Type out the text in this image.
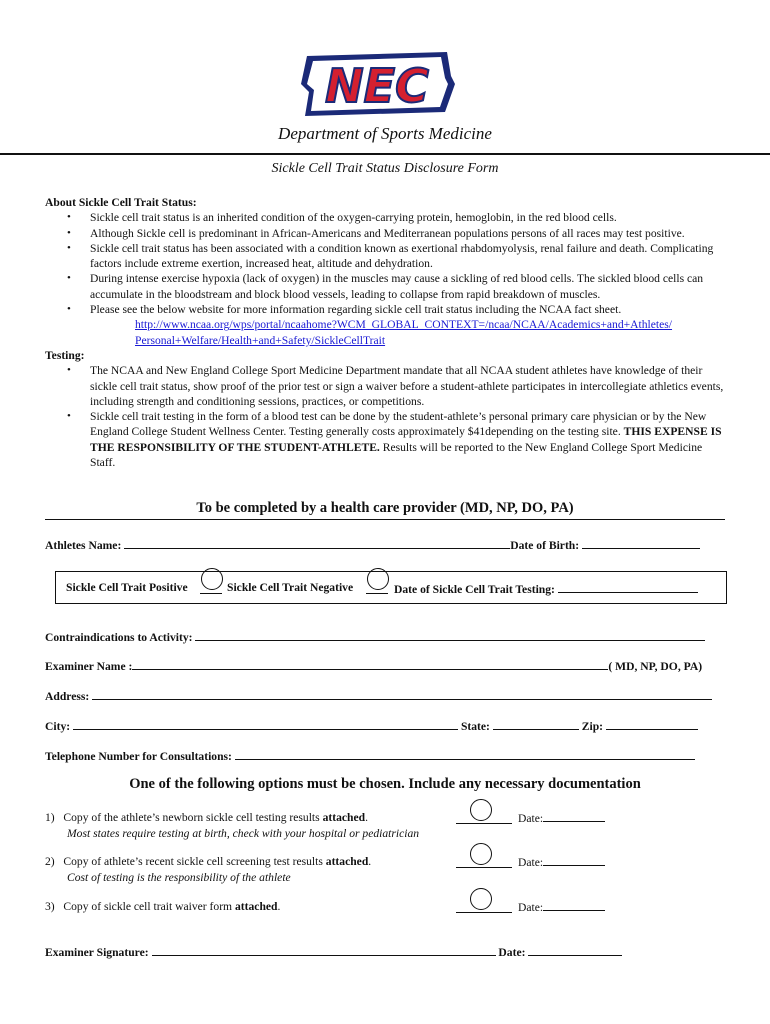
NEC
Department of Sports Medicine
Sickle Cell Trait Status Disclosure Form
About Sickle Cell Trait Status:
• Sickle cell trait status is an inherited condition of the oxygen-carrying protein, hemoglobin, in the red blood cells.
• Although Sickle cell is predominant in African-Americans and Mediterranean populations persons of all races may test positive.
• Sickle cell trait status has been associated with a condition known as exertional rhabdomyolysis, renal failure and death. Complicating factors include extreme exertion, increased heat, altitude and dehydration.
• During intense exercise hypoxia (lack of oxygen) in the muscles may cause a sickling of red blood cells. The sickled blood cells can accumulate in the bloodstream and block blood vessels, leading to collapse from rapid breakdown of muscles.
• Please see the below website for more information regarding sickle cell trait status including the NCAA fact sheet.
http://www.ncaa.org/wps/portal/ncaahome?WCM_GLOBAL_CONTEXT=/ncaa/NCAA/Academics+and+Athletes/
Personal+Welfare/Health+and+Safety/SickleCellTrait
Testing:
• The NCAA and New England College Sport Medicine Department mandate that all NCAA student athletes have knowledge of their sickle cell trait status, show proof of the prior test or sign a waiver before a student-athlete participates in intercollegiate athletics events, including strength and conditioning sessions, practices, or competitions.
• Sickle cell trait testing in the form of a blood test can be done by the student-athlete’s personal primary care physician or by the New England College Student Wellness Center. Testing generally costs approximately $41depending on the testing site. THIS EXPENSE IS THE RESPONSIBILITY OF THE STUDENT-ATHLETE. Results will be reported to the New England College Sport Medicine Staff.
To be completed by a health care provider (MD, NP, DO, PA)
Athletes Name:	Date of Birth:
Sickle Cell Trait Positive	Sickle Cell Trait Negative	Date of Sickle Cell Trait Testing:
Contraindications to Activity:
Examiner Name :	( MD, NP, DO, PA)
Address:
City:	State:	Zip:
Telephone Number for Consultations:
One of the following options must be chosen. Include any necessary documentation
1) Copy of the athlete’s newborn sickle cell testing results attached.
Most states require testing at birth, check with your hospital or pediatrician
Date:
2) Copy of athlete’s recent sickle cell screening test results attached.
Cost of testing is the responsibility of the athlete
Date:
3) Copy of sickle cell trait waiver form attached.	Date:
Examiner Signature:	Date:
